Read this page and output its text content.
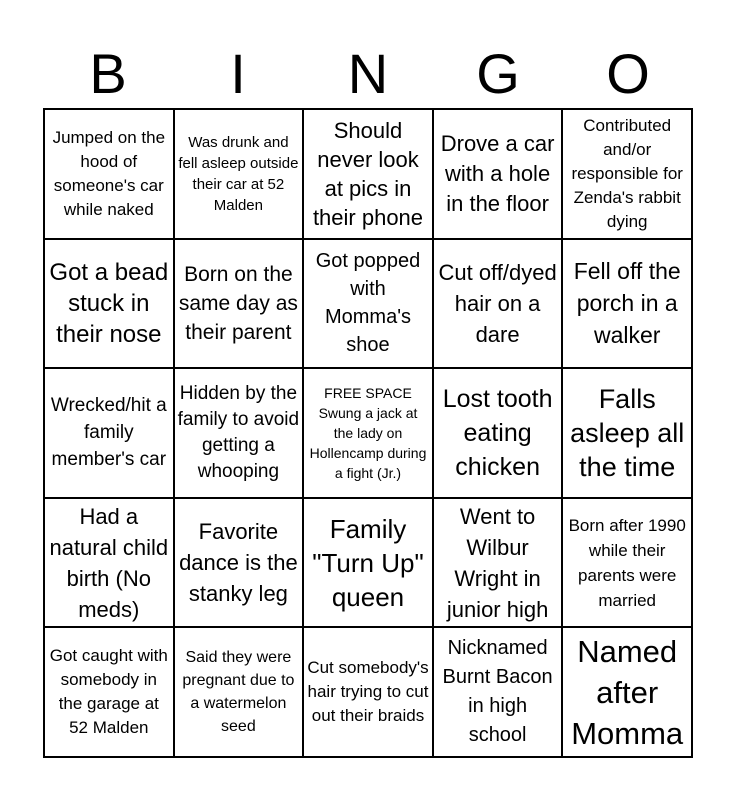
B	I	N	G	O
Jumped on the hood of someone's car while naked
Was drunk and fell asleep outside their car at 52 Malden
Should never look at pics in their phone
Drove a car with a hole in the floor
Contributed and/or responsible for Zenda's rabbit dying
Got a bead stuck in their nose
Born on the same day as their parent
Got popped with Momma's shoe
Cut off/dyed hair on a dare
Fell off the porch in a walker
Wrecked/hit a family member's car
Hidden by the family to avoid getting a whooping
FREE SPACE Swung a jack at the lady on Hollencamp during a fight (Jr.)
Lost tooth eating chicken
Falls asleep all the time
Had a natural child birth (No meds)
Favorite dance is the stanky leg
Family "Turn Up" queen
Went to Wilbur Wright in junior high
Born after 1990 while their parents were married
Got caught with somebody in the garage at 52 Malden
Said they were pregnant due to a watermelon seed
Cut somebody's hair trying to cut out their braids
Nicknamed Burnt Bacon in high school
Named after Momma
